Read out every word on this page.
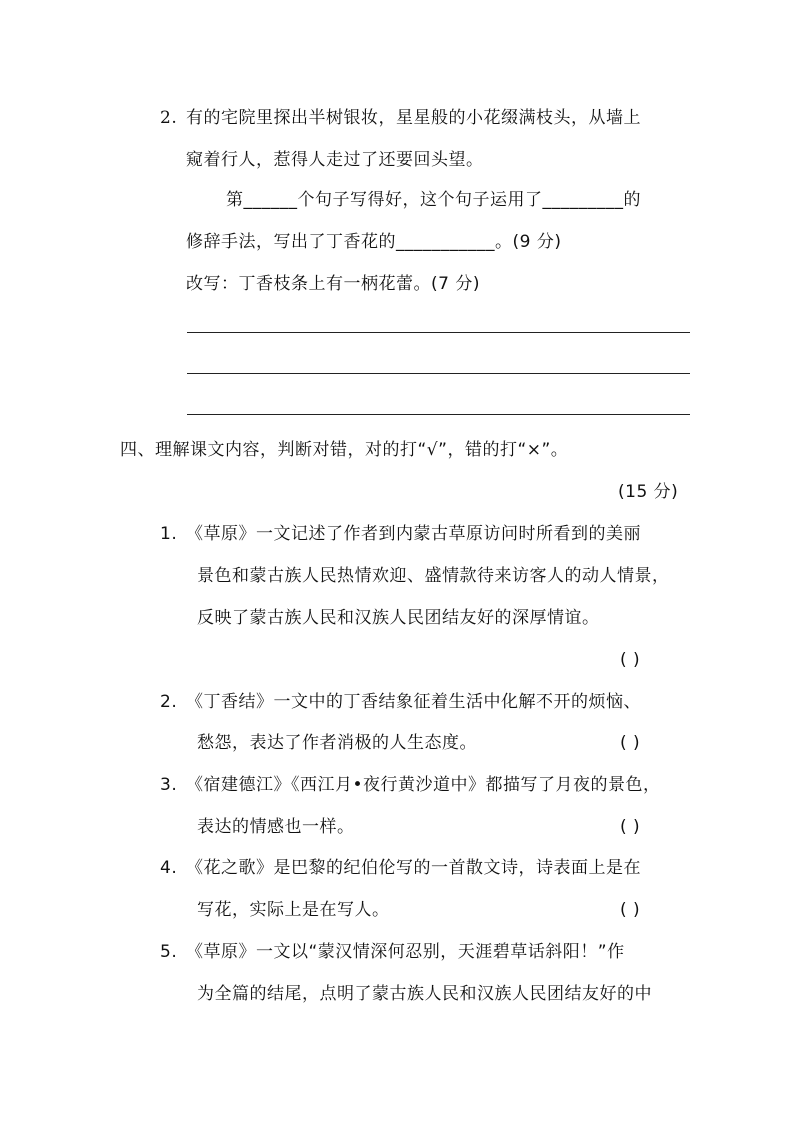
2. 有的宅院里探出半树银妆，星星般的小花缀满枝头，从墙上
窥着行人，惹得人走过了还要回头望。
第______个句子写得好，这个句子运用了_________的
修辞手法，写出了丁香花的___________。(9 分)
改写：丁香枝条上有一柄花蕾。(7 分)
四、理解课文内容，判断对错，对的打“√”，错的打“×”。
(15 分)
1. 《草原》一文记述了作者到内蒙古草原访问时所看到的美丽
景色和蒙古族人民热情欢迎、盛情款待来访客人的动人情景，
反映了蒙古族人民和汉族人民团结友好的深厚情谊。
( )
2. 《丁香结》一文中的丁香结象征着生活中化解不开的烦恼、
愁怨，表达了作者消极的人生态度。	( )
3. 《宿建德江》《西江月•夜行黄沙道中》都描写了月夜的景色，
表达的情感也一样。	( )
4. 《花之歌》是巴黎的纪伯伦写的一首散文诗，诗表面上是在
写花，实际上是在写人。	( )
5. 《草原》一文以“蒙汉情深何忍别，天涯碧草话斜阳！”作
为全篇的结尾，点明了蒙古族人民和汉族人民团结友好的中
